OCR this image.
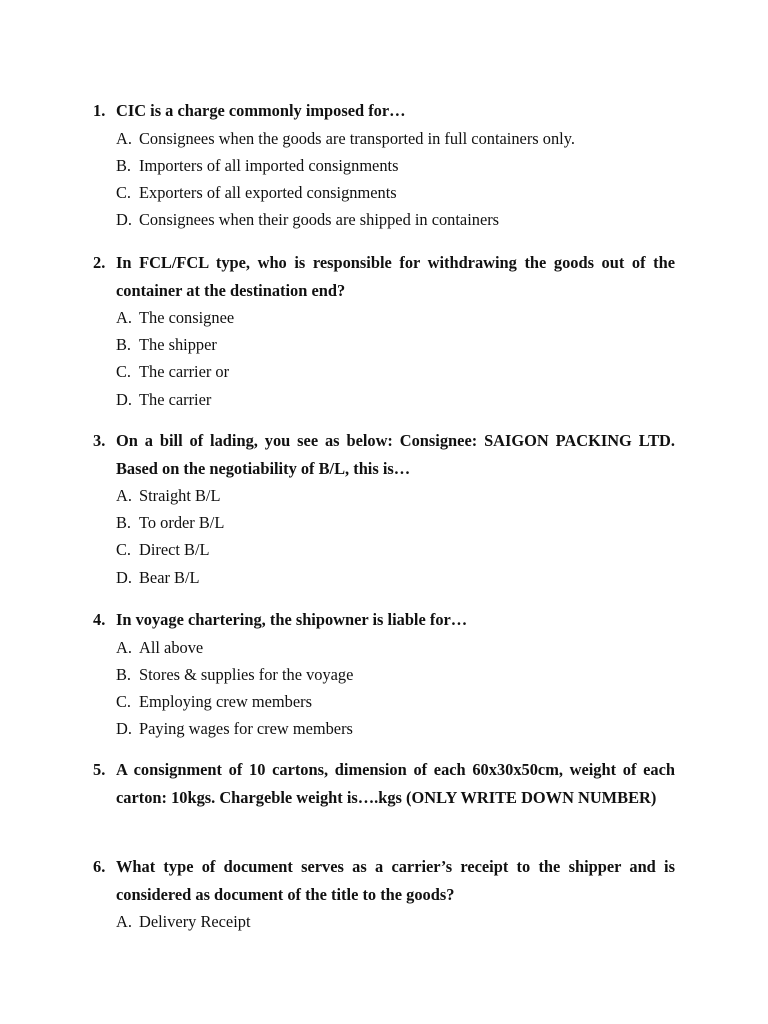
1. CIC is a charge commonly imposed for…
A. Consignees when the goods are transported in full containers only.
B. Importers of all imported consignments
C. Exporters of all exported consignments
D. Consignees when their goods are shipped in containers
2. In FCL/FCL type, who is responsible for withdrawing the goods out of the container at the destination end?
A. The consignee
B. The shipper
C. The carrier or
D. The carrier
3. On a bill of lading, you see as below: Consignee: SAIGON PACKING LTD. Based on the negotiability of B/L, this is…
A. Straight B/L
B. To order B/L
C. Direct B/L
D. Bear B/L
4. In voyage chartering, the shipowner is liable for…
A. All above
B. Stores & supplies for the voyage
C. Employing crew members
D. Paying wages for crew members
5. A consignment of 10 cartons, dimension of each 60x30x50cm, weight of each carton: 10kgs. Chargeble weight is….kgs (ONLY WRITE DOWN NUMBER)
6. What type of document serves as a carrier’s receipt to the shipper and is considered as document of the title to the goods?
A. Delivery Receipt
